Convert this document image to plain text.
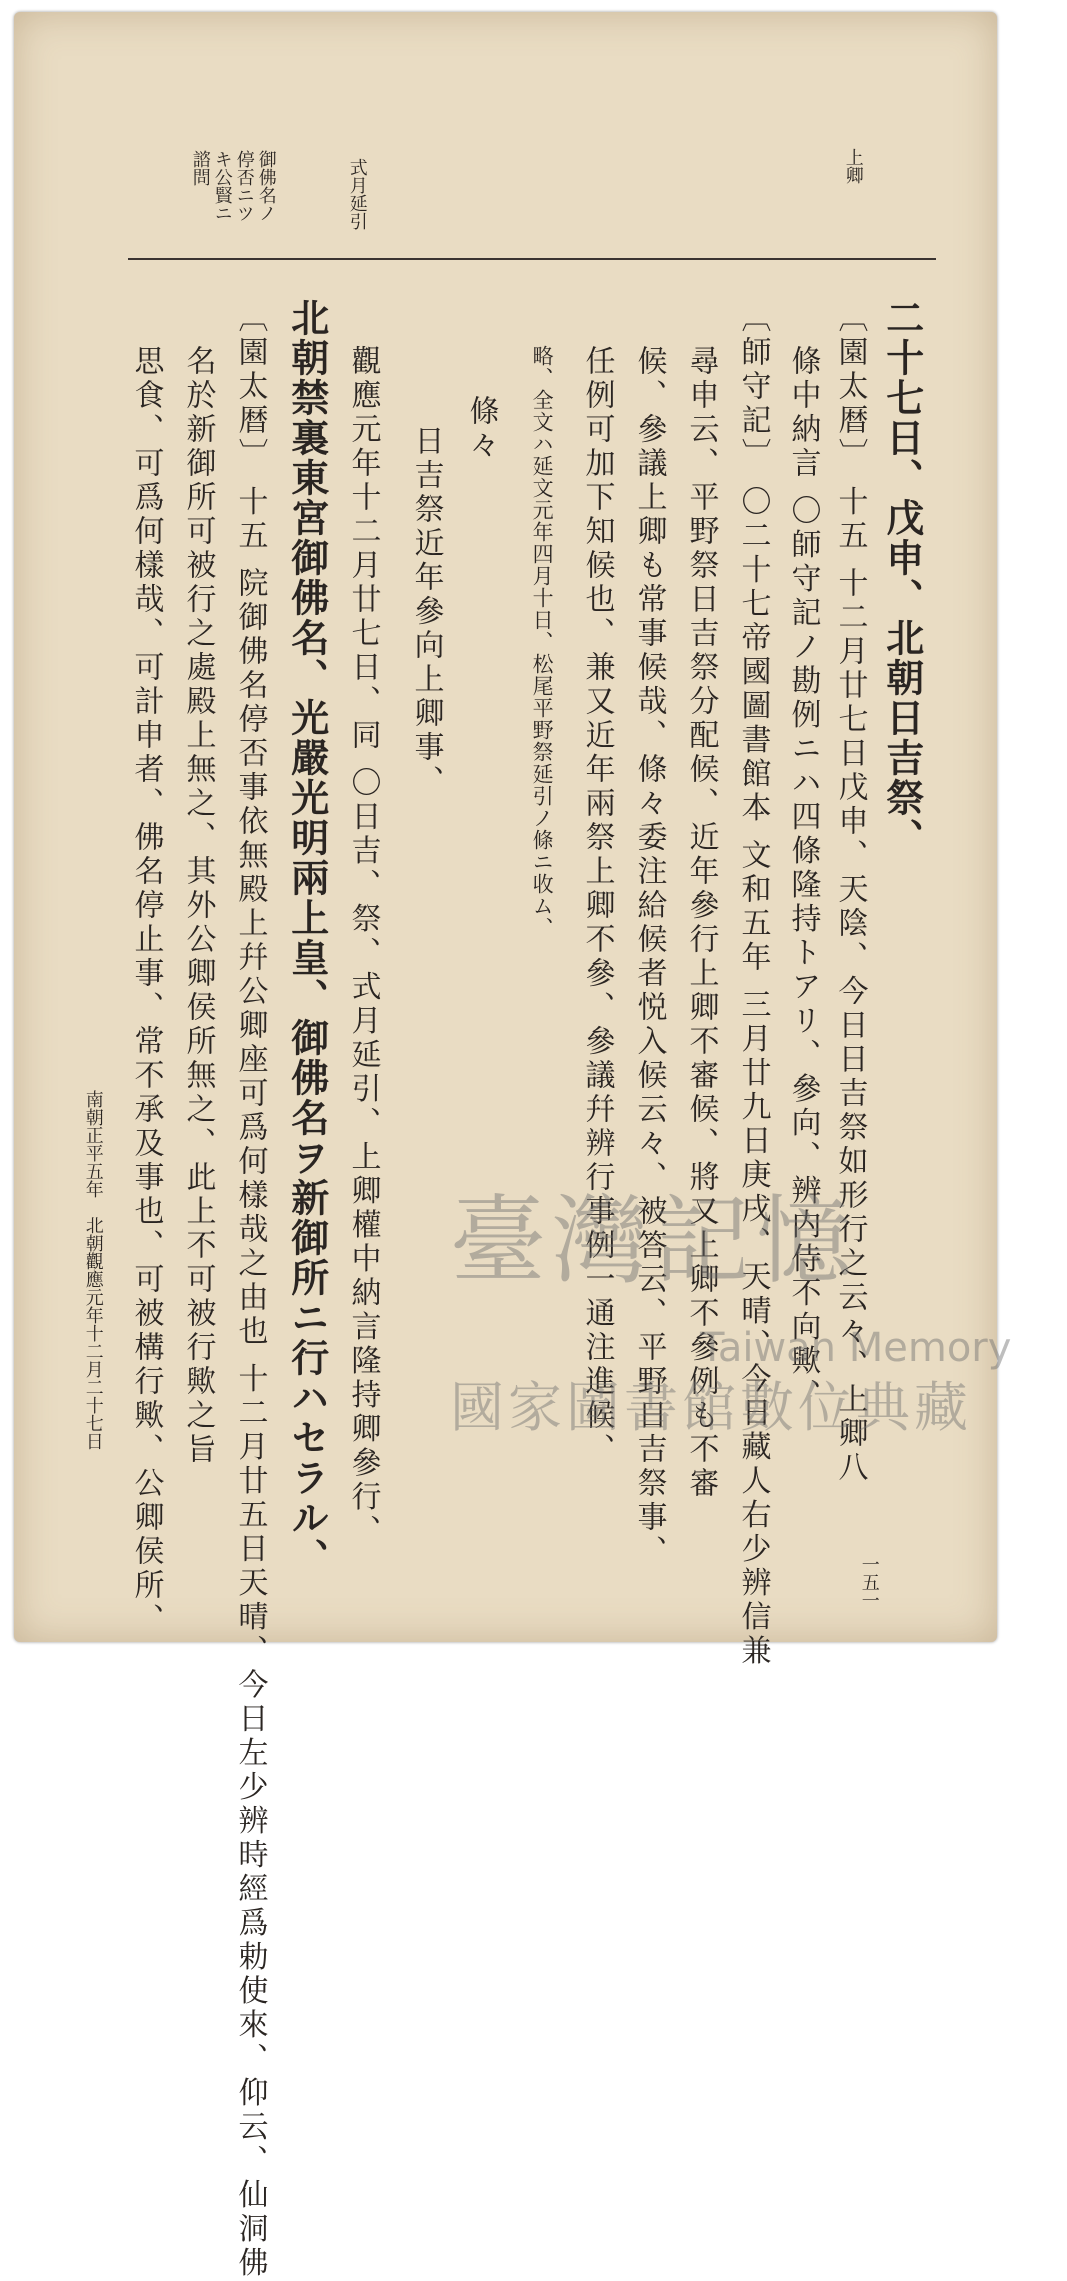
上卿
式月延引
御佛名ノ
停否ニツ
キ公賢ニ
諮問
二十七日、戊申、北朝日吉祭、
〔園太暦〕 十五 十二月廿七日戊申、天陰、今日日吉祭如形行之云々、上卿八
條中納言 〇師守記ノ勘例ニハ四條隆持トアリ、參向、辨内侍不向歟、
〔師守記〕 〇二十七帝國圖書館本 文和五年 三月廿九日庚戌、天晴、今日藏人右少辨信兼
尋申云、平野祭日吉祭分配候、近年參行上卿不審候、將又上卿不參例も不審
候、參議上卿も常事候哉、條々委注給候者悦入候云々、被答云、平野日吉祭事、
任例可加下知候也、兼又近年兩祭上卿不參、參議幷辨行事例一通注進候、
略、全文ハ延文元年四月十日、松尾平野祭延引ノ條ニ收ム、
條々
日吉祭近年參向上卿事、
觀應元年十二月廿七日、同 〇日吉、祭、式月延引、上卿權中納言隆持卿參行、
北朝禁裏東宮御佛名、光嚴光明兩上皇、御佛名ヲ新御所ニ行ハセラル、
〔園太暦〕 十五 院御佛名停否事依無殿上幷公卿座可爲何樣哉之由也 十二月廿五日天晴、今日左少辨時經爲勅使來、仰云、仙洞佛
名於新御所可被行之處殿上無之、其外公卿侯所無之、此上不可被行歟之旨
思食、可爲何樣哉、可計申者、佛名停止事、常不承及事也、可被構行歟、公卿侯所、
南朝正平五年　北朝觀應元年十二月二十七日
一五一
臺灣記憶
Taiwan Memory
國家圖書館數位典藏
